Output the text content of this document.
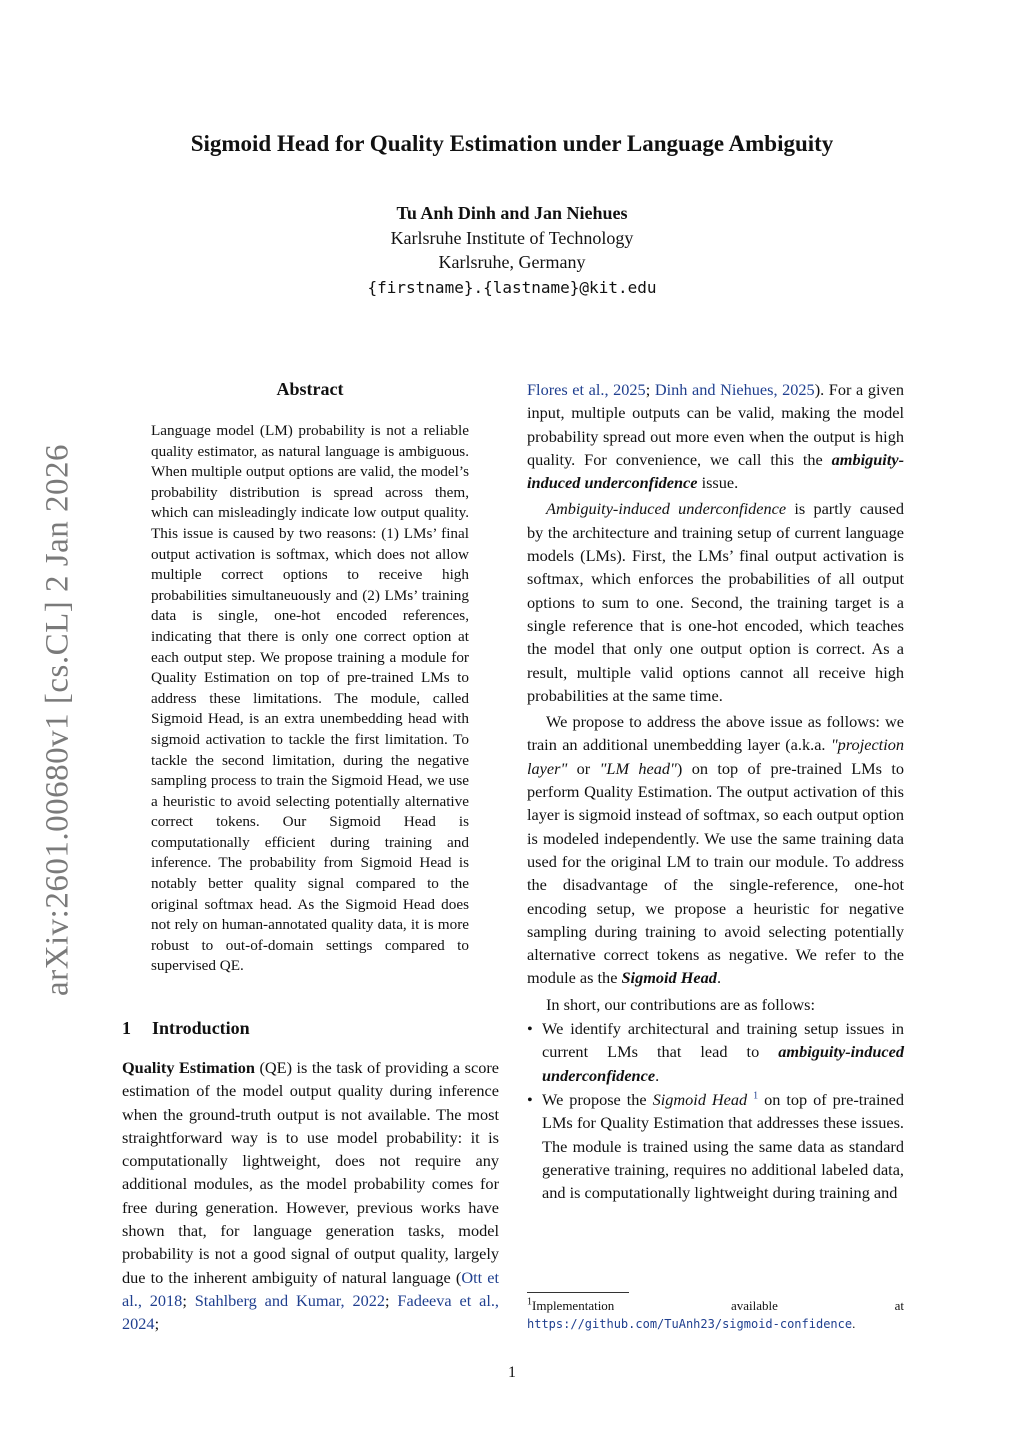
Sigmoid Head for Quality Estimation under Language Ambiguity
Tu Anh Dinh and Jan Niehues
Karlsruhe Institute of Technology
Karlsruhe, Germany
{firstname}.{lastname}@kit.edu
arXiv:2601.00680v1 [cs.CL] 2 Jan 2026
Abstract
Language model (LM) probability is not a reliable quality estimator, as natural language is ambiguous. When multiple output options are valid, the model’s probability distribution is spread across them, which can misleadingly indicate low output quality. This issue is caused by two reasons: (1) LMs’ final output activation is softmax, which does not allow multiple correct options to receive high probabilities simultaneuously and (2) LMs’ training data is single, one-hot encoded references, indicating that there is only one correct option at each output step. We propose training a module for Quality Estimation on top of pre-trained LMs to address these limitations. The module, called Sigmoid Head, is an extra unembedding head with sigmoid activation to tackle the first limitation. To tackle the second limitation, during the negative sampling process to train the Sigmoid Head, we use a heuristic to avoid selecting potentially alternative correct tokens. Our Sigmoid Head is computationally efficient during training and inference. The probability from Sigmoid Head is notably better quality signal compared to the original softmax head. As the Sigmoid Head does not rely on human-annotated quality data, it is more robust to out-of-domain settings compared to supervised QE.
1 Introduction
Quality Estimation (QE) is the task of providing a score estimation of the model output quality during inference when the ground-truth output is not available. The most straightforward way is to use model probability: it is computationally lightweight, does not require any additional modules, as the model probability comes for free during generation. However, previous works have shown that, for language generation tasks, model probability is not a good signal of output quality, largely due to the inherent ambiguity of natural language (Ott et al., 2018; Stahlberg and Kumar, 2022; Fadeeva et al., 2024;

Flores et al., 2025; Dinh and Niehues, 2025). For a given input, multiple outputs can be valid, making the model probability spread out more even when the output is high quality. For convenience, we call this the ambiguity-induced underconfidence issue.

Ambiguity-induced underconfidence is partly caused by the architecture and training setup of current language models (LMs). First, the LMs’ final output activation is softmax, which enforces the probabilities of all output options to sum to one. Second, the training target is a single reference that is one-hot encoded, which teaches the model that only one output option is correct. As a result, multiple valid options cannot all receive high probabilities at the same time.

We propose to address the above issue as follows: we train an additional unembedding layer (a.k.a. "projection layer" or "LM head") on top of pre-trained LMs to perform Quality Estimation. The output activation of this layer is sigmoid instead of softmax, so each output option is modeled independently. We use the same training data used for the original LM to train our module. To address the disadvantage of the single-reference, one-hot encoding setup, we propose a heuristic for negative sampling during training to avoid selecting potentially alternative correct tokens as negative. We refer to the module as the Sigmoid Head.

In short, our contributions are as follows:

• We identify architectural and training setup issues in current LMs that lead to ambiguity-induced underconfidence.
• We propose the Sigmoid Head $^1$ on top of pre-trained LMs for Quality Estimation that addresses these issues. The module is trained using the same data as standard generative training, requires no additional labeled data, and is computationally lightweight during training and
$^1$Implementation available at https://github.com/TuAnh23/sigmoid-confidence.
1
